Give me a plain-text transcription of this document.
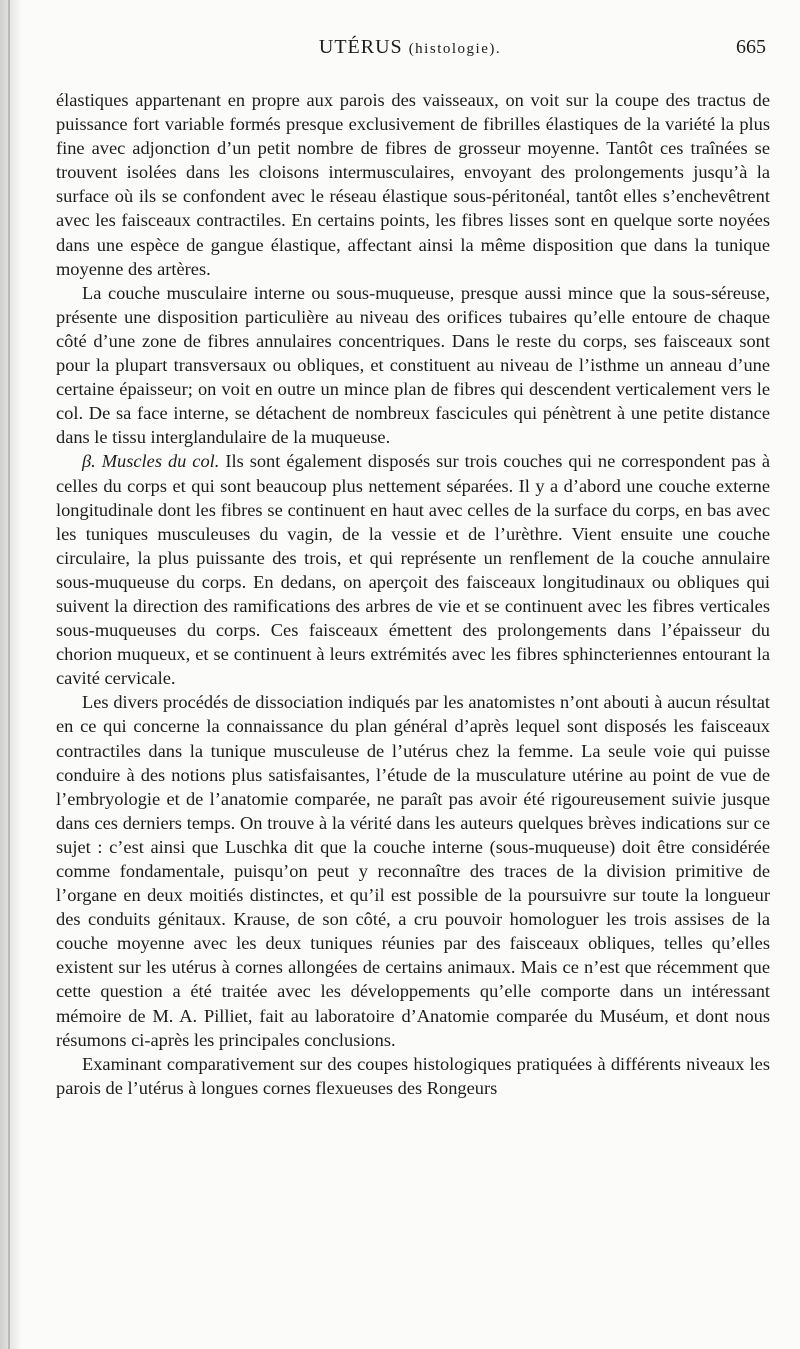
UTÉRUS (histologie).	665

élastiques appartenant en propre aux parois des vaisseaux, on voit sur la coupe des tractus de puissance fort variable formés presque exclusivement de fibrilles élastiques de la variété la plus fine avec adjonction d’un petit nombre de fibres de grosseur moyenne. Tantôt ces traînées se trouvent isolées dans les cloisons intermusculaires, envoyant des prolongements jusqu’à la surface où ils se confondent avec le réseau élastique sous-péritonéal, tantôt elles s’enchevêtrent avec les faisceaux contractiles. En certains points, les fibres lisses sont en quelque sorte noyées dans une espèce de gangue élastique, affectant ainsi la même disposition que dans la tunique moyenne des artères.

La couche musculaire interne ou sous-muqueuse, presque aussi mince que la sous-séreuse, présente une disposition particulière au niveau des orifices tubaires qu’elle entoure de chaque côté d’une zone de fibres annulaires concentriques. Dans le reste du corps, ses faisceaux sont pour la plupart transversaux ou obliques, et constituent au niveau de l’isthme un anneau d’une certaine épaisseur; on voit en outre un mince plan de fibres qui descendent verticalement vers le col. De sa face interne, se détachent de nombreux fascicules qui pénètrent à une petite distance dans le tissu interglandulaire de la muqueuse.

β. Muscles du col. Ils sont également disposés sur trois couches qui ne correspondent pas à celles du corps et qui sont beaucoup plus nettement séparées. Il y a d’abord une couche externe longitudinale dont les fibres se continuent en haut avec celles de la surface du corps, en bas avec les tuniques musculeuses du vagin, de la vessie et de l’urèthre. Vient ensuite une couche circulaire, la plus puissante des trois, et qui représente un renflement de la couche annulaire sous-muqueuse du corps. En dedans, on aperçoit des faisceaux longitudinaux ou obliques qui suivent la direction des ramifications des arbres de vie et se continuent avec les fibres verticales sous-muqueuses du corps. Ces faisceaux émettent des prolongements dans l’épaisseur du chorion muqueux, et se continuent à leurs extrémités avec les fibres sphincteriennes entourant la cavité cervicale.

Les divers procédés de dissociation indiqués par les anatomistes n’ont abouti à aucun résultat en ce qui concerne la connaissance du plan général d’après lequel sont disposés les faisceaux contractiles dans la tunique musculeuse de l’utérus chez la femme. La seule voie qui puisse conduire à des notions plus satisfaisantes, l’étude de la musculature utérine au point de vue de l’embryologie et de l’anatomie comparée, ne paraît pas avoir été rigoureusement suivie jusque dans ces derniers temps. On trouve à la vérité dans les auteurs quelques brèves indications sur ce sujet : c’est ainsi que Luschka dit que la couche interne (sous-muqueuse) doit être considérée comme fondamentale, puisqu’on peut y reconnaître des traces de la division primitive de l’organe en deux moitiés distinctes, et qu’il est possible de la poursuivre sur toute la longueur des conduits génitaux. Krause, de son côté, a cru pouvoir homologuer les trois assises de la couche moyenne avec les deux tuniques réunies par des faisceaux obliques, telles qu’elles existent sur les utérus à cornes allongées de certains animaux. Mais ce n’est que récemment que cette question a été traitée avec les développements qu’elle comporte dans un intéressant mémoire de M. A. Pilliet, fait au laboratoire d’Anatomie comparée du Muséum, et dont nous résumons ci-après les principales conclusions.

Examinant comparativement sur des coupes histologiques pratiquées à différents niveaux les parois de l’utérus à longues cornes flexueuses des Rongeurs
